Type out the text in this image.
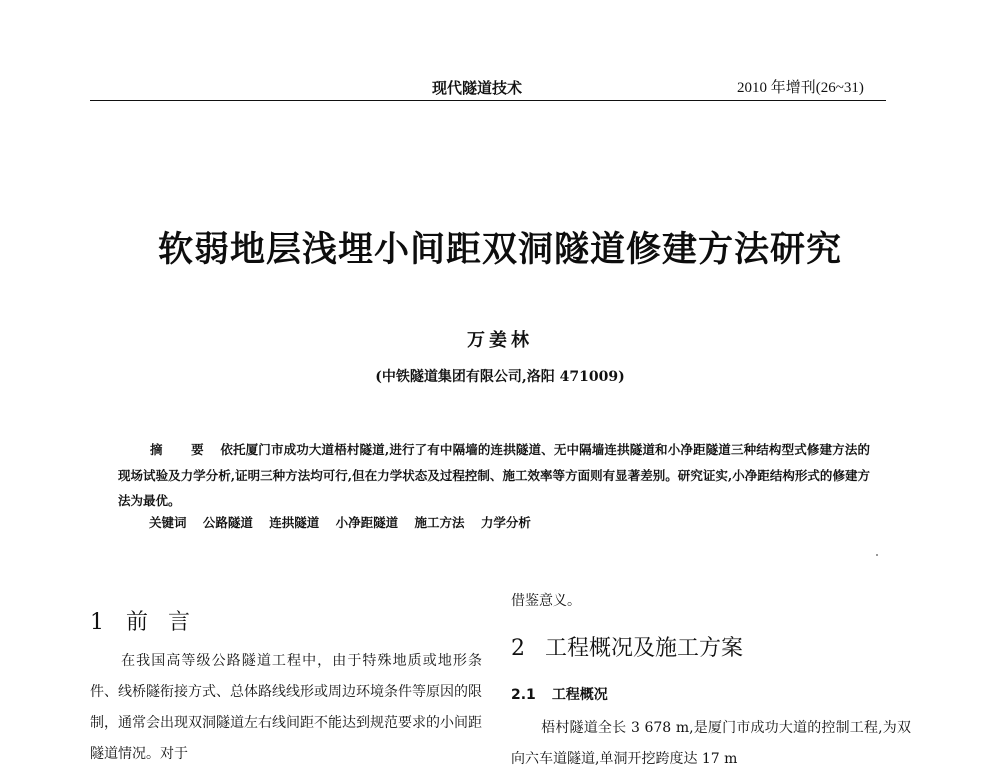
现代隧道技术	2010 年增刊(26~31)
软弱地层浅埋小间距双洞隧道修建方法研究
万姜林
(中铁隧道集团有限公司,洛阳 471009)
摘 要 依托厦门市成功大道梧村隧道,进行了有中隔墙的连拱隧道、无中隔墙连拱隧道和小净距隧道三种结构型式修建方法的现场试验及力学分析,证明三种方法均可行,但在力学状态及过程控制、施工效率等方面则有显著差别。研究证实,小净距结构形式的修建方法为最优。
关键词 公路隧道 连拱隧道 小净距隧道 施工方法 力学分析
1 前言
在我国高等级公路隧道工程中，由于特殊地质或地形条件、线桥隧衔接方式、总体路线线形或周边环境条件等原因的限制，通常会出现双洞隧道左右线间距不能达到规范要求的小间距隧道情况。对于
借鉴意义。
2 工程概况及施工方案
2.1 工程概况
梧村隧道全长 3 678 m,是厦门市成功大道的控制工程,为双向六车道隧道,单洞开挖跨度达 17 m
